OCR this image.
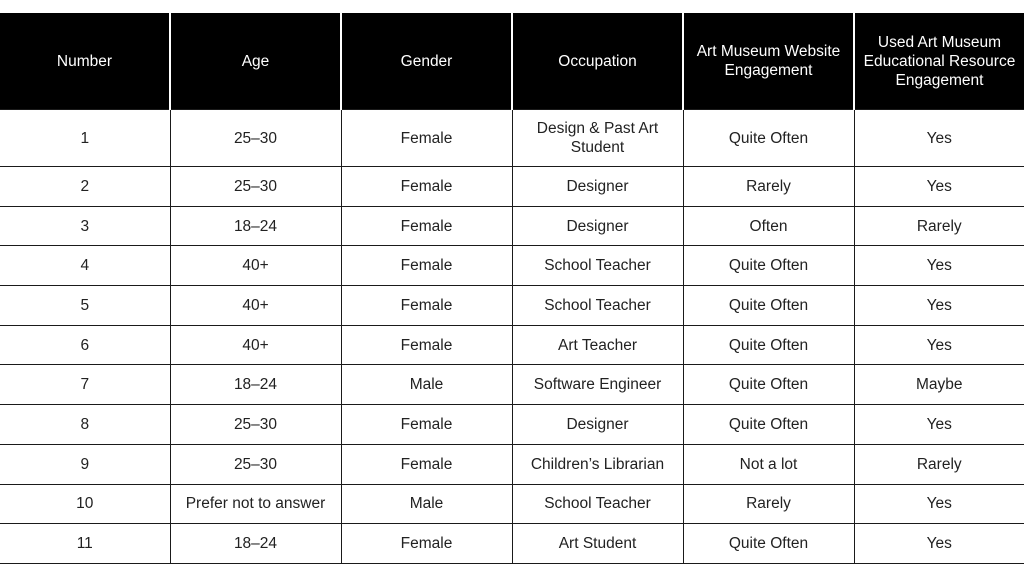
Number	Age	Gender	Occupation	Art Museum Website Engagement	Used Art Museum Educational Resource Engagement
1	25–30	Female	Design & Past Art Student	Quite Often	Yes
2	25–30	Female	Designer	Rarely	Yes
3	18–24	Female	Designer	Often	Rarely
4	40+	Female	School Teacher	Quite Often	Yes
5	40+	Female	School Teacher	Quite Often	Yes
6	40+	Female	Art Teacher	Quite Often	Yes
7	18–24	Male	Software Engineer	Quite Often	Maybe
8	25–30	Female	Designer	Quite Often	Yes
9	25–30	Female	Children’s Librarian	Not a lot	Rarely
10	Prefer not to answer	Male	School Teacher	Rarely	Yes
11	18–24	Female	Art Student	Quite Often	Yes
